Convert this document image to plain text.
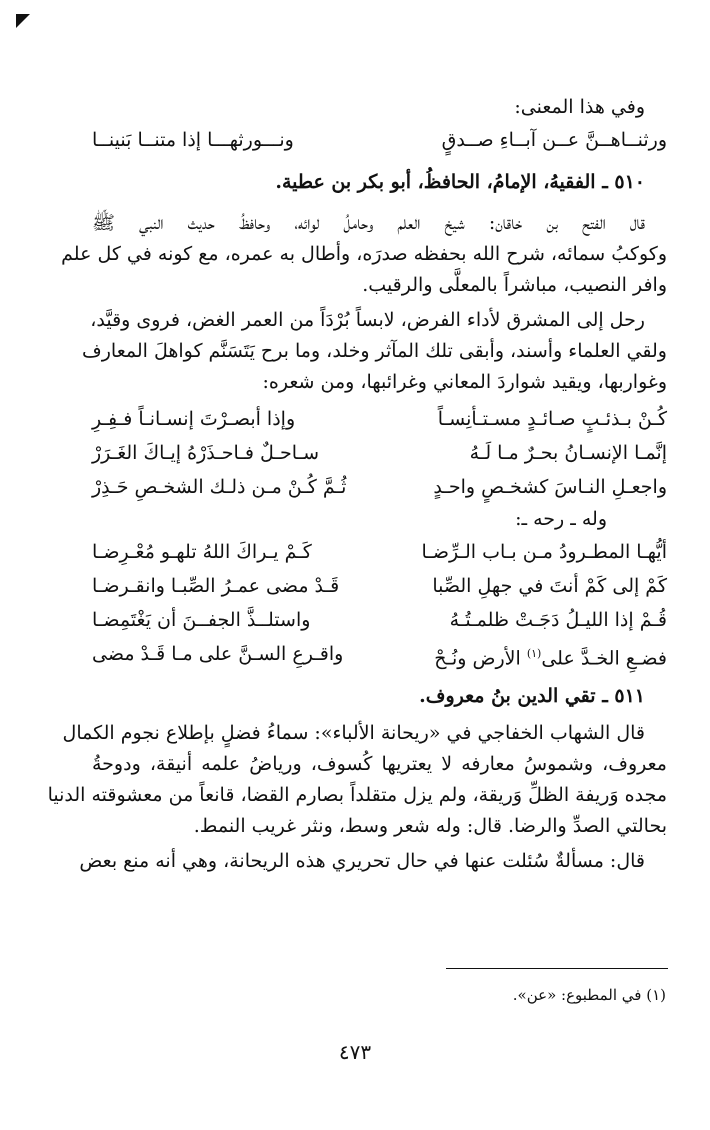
وفي هذا المعنى:
ورثنــاهــنَّ عــن آبــاءِ صــدقٍ
ونـــورثهـــا إذا متنــا بَنينــا
٥١٠ ـ الفقيهُ، الإمامُ، الحافظُ، أبو بكر بن عطية.
قال الفتح بن خاقان: شيخ العلم وحاملُ لوائه، وحافظُ حديث النبي ﷺ
وكوكبُ سمائه، شرح الله بحفظه صدرَه، وأطال به عمره، مع كونه في كل علم
وافر النصيب، مباشراً بالمعلَّى والرقيب.
رحل إلى المشرق لأداء الفرض، لابساً بُرْدَاً من العمر الغض، فروى وقيَّد،
ولقي العلماء وأسند، وأبقى تلك المآثر وخلد، وما برح يَتَسَنَّم كواهلَ المعارف
وغواربها، ويقيد شواردَ المعاني وغرائبها، ومن شعره:
كُـنْ بـذئـبٍ صـائـدٍ مسـتـأنِسـاً
وإذا أبصـرْتَ إنسـانـاً فـفِـرِ
إنَّمـا الإنسـانُ بحـرٌ مـا لَـهُ
سـاحـلٌ فـاحـذَرْهُ إيـاكَ الغَـرَرْ
واجعـلِ النـاسَ كشخـصٍ واحـدٍ
ثُـمَّ كُـنْ مـن ذلـك الشخـصِ حَـذِرْ
وله ـ رحه ـ:
أيُّهـا المطـرودُ مـن بـاب الـرِّضـا
كَـمْ يـراكَ اللهُ تلهـو مُعْـرِضـا
كَمْ إلى كَمْ أنتَ في جهلِ الصِّبا
قَـدْ مضى عمـرُ الصِّبـا وانقـرضـا
قُـمْ إذا الليـلُ دَجَـتْ ظلمـتُـهُ
واستلــذَّ الجفــنَ أن يَغْتَمِضـا
فضـعِ الخـدَّ على$^{(١)}$ الأرض ونُـحْ
واقـرعِ السـنَّ على مـا قَـدْ مضى
٥١١ ـ تقي الدين بنُ معروف.
قال الشهاب الخفاجي في «ريحانة الألباء»: سماءُ فضلٍ بإطلاع نجوم الكمال
معروف، وشموسُ معارفه لا يعتريها كُسوف، ورياضُ علمه أنيقة، ودوحةُ
مجده وَريفة الظلِّ وَريقة، ولم يزل متقلداً بصارم القضا، قانعاً من معشوقته الدنيا
بحالتي الصدِّ والرضا. قال: وله شعر وسط، ونثر غريب النمط.
قال: مسألةٌ سُئلت عنها في حال تحريري هذه الريحانة، وهي أنه منع بعض
(١) في المطبوع: «عن».
٤٧٣
